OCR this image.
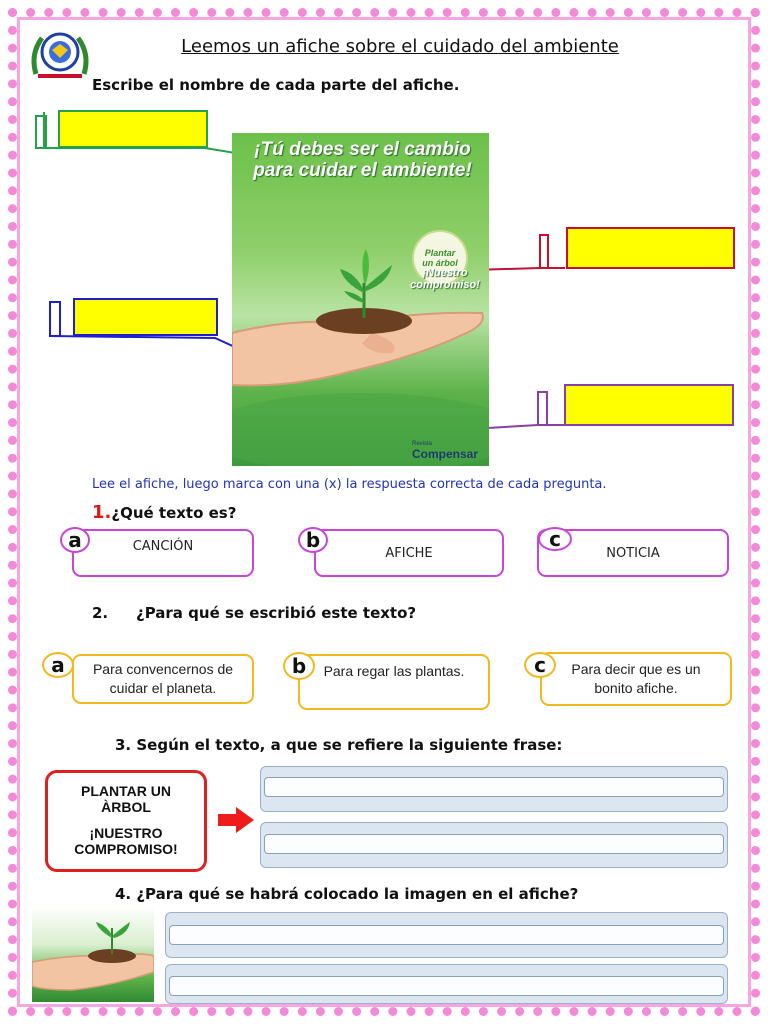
Leemos un afiche sobre el cuidado del ambiente
Escribe el nombre de cada parte del afiche.
¡Tú debes ser el cambio
para cuidar el ambiente!
Plantar
un árbol
¡Nuestro
compromiso!
Revista
Compensar
Lee el afiche, luego marca con una (x) la respuesta correcta de cada pregunta.
1.¿Qué texto es?
CANCIÓN
a
AFICHE
b
NOTICIA
c
2. ¿Para qué se escribió este texto?
Para convencernos de
cuidar el planeta.
a	Para regar las plantas.
b	Para decir que es un
bonito afiche.
c
3. Según el texto, a que se refiere la siguiente frase:

PLANTAR UN
ÀRBOL

¡NUESTRO
COMPROMISO!

4. ¿Para qué se habrá colocado la imagen en el afiche?
